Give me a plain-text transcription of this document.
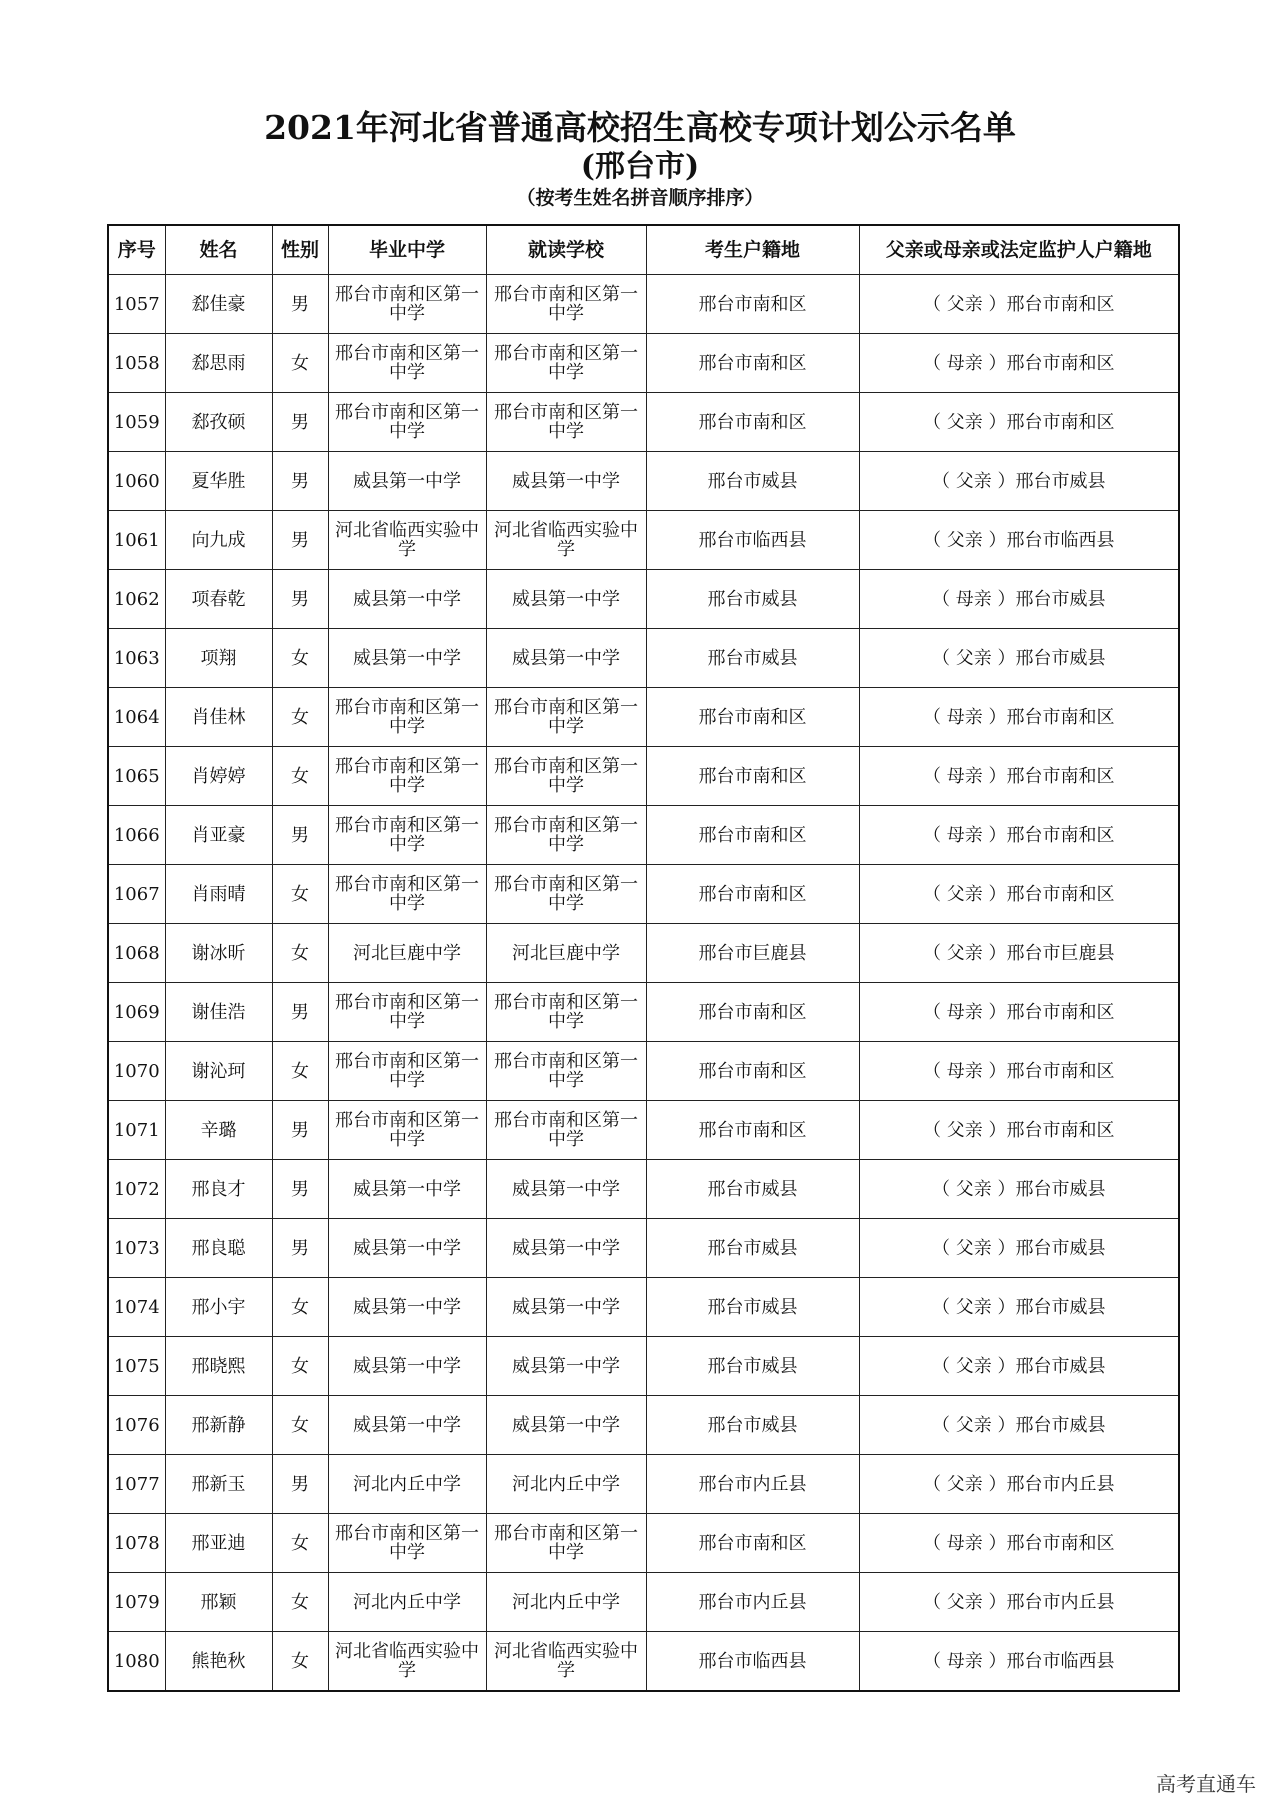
2021年河北省普通高校招生高校专项计划公示名单
(邢台市)
（按考生姓名拼音顺序排序）
序号	姓名	性别	毕业中学	就读学校	考生户籍地	父亲或母亲或法定监护人户籍地
1057	郄佳豪	男	邢台市南和区第一中学	邢台市南和区第一中学	邢台市南和区	（ 父亲 ）邢台市南和区
1058	郄思雨	女	邢台市南和区第一中学	邢台市南和区第一中学	邢台市南和区	（ 母亲 ）邢台市南和区
1059	郄孜硕	男	邢台市南和区第一中学	邢台市南和区第一中学	邢台市南和区	（ 父亲 ）邢台市南和区
1060	夏华胜	男	威县第一中学	威县第一中学	邢台市威县	（ 父亲 ）邢台市威县
1061	向九成	男	河北省临西实验中学	河北省临西实验中学	邢台市临西县	（ 父亲 ）邢台市临西县
1062	项春乾	男	威县第一中学	威县第一中学	邢台市威县	（ 母亲 ）邢台市威县
1063	项翔	女	威县第一中学	威县第一中学	邢台市威县	（ 父亲 ）邢台市威县
1064	肖佳林	女	邢台市南和区第一中学	邢台市南和区第一中学	邢台市南和区	（ 母亲 ）邢台市南和区
1065	肖婷婷	女	邢台市南和区第一中学	邢台市南和区第一中学	邢台市南和区	（ 母亲 ）邢台市南和区
1066	肖亚豪	男	邢台市南和区第一中学	邢台市南和区第一中学	邢台市南和区	（ 母亲 ）邢台市南和区
1067	肖雨晴	女	邢台市南和区第一中学	邢台市南和区第一中学	邢台市南和区	（ 父亲 ）邢台市南和区
1068	谢冰昕	女	河北巨鹿中学	河北巨鹿中学	邢台市巨鹿县	（ 父亲 ）邢台市巨鹿县
1069	谢佳浩	男	邢台市南和区第一中学	邢台市南和区第一中学	邢台市南和区	（ 母亲 ）邢台市南和区
1070	谢沁珂	女	邢台市南和区第一中学	邢台市南和区第一中学	邢台市南和区	（ 母亲 ）邢台市南和区
1071	辛璐	男	邢台市南和区第一中学	邢台市南和区第一中学	邢台市南和区	（ 父亲 ）邢台市南和区
1072	邢良才	男	威县第一中学	威县第一中学	邢台市威县	（ 父亲 ）邢台市威县
1073	邢良聪	男	威县第一中学	威县第一中学	邢台市威县	（ 父亲 ）邢台市威县
1074	邢小宇	女	威县第一中学	威县第一中学	邢台市威县	（ 父亲 ）邢台市威县
1075	邢晓熙	女	威县第一中学	威县第一中学	邢台市威县	（ 父亲 ）邢台市威县
1076	邢新静	女	威县第一中学	威县第一中学	邢台市威县	（ 父亲 ）邢台市威县
1077	邢新玉	男	河北内丘中学	河北内丘中学	邢台市内丘县	（ 父亲 ）邢台市内丘县
1078	邢亚迪	女	邢台市南和区第一中学	邢台市南和区第一中学	邢台市南和区	（ 母亲 ）邢台市南和区
1079	邢颖	女	河北内丘中学	河北内丘中学	邢台市内丘县	（ 父亲 ）邢台市内丘县
1080	熊艳秋	女	河北省临西实验中学	河北省临西实验中学	邢台市临西县	（ 母亲 ）邢台市临西县
高考直通车
